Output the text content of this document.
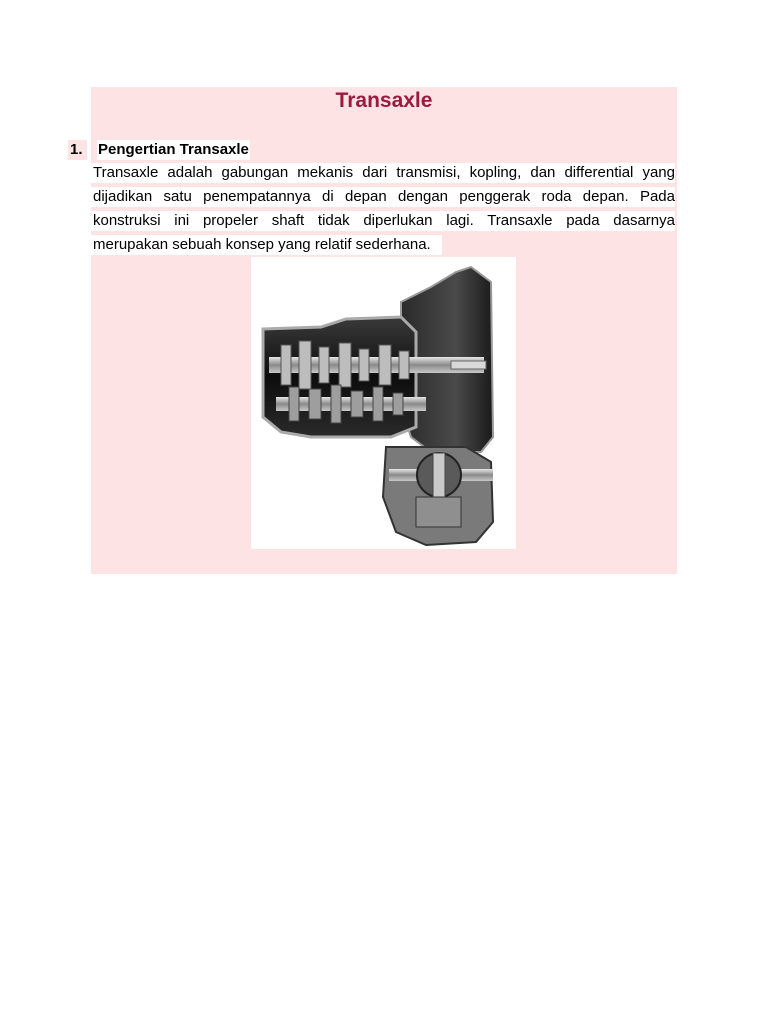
Transaxle
1. Pengertian Transaxle
Transaxle adalah gabungan mekanis dari transmisi, kopling, dan differential yang
dijadikan satu penempatannya di depan dengan penggerak roda depan. Pada
konstruksi ini propeler shaft tidak diperlukan lagi. Transaxle pada dasarnya
merupakan sebuah konsep yang relatif sederhana.
